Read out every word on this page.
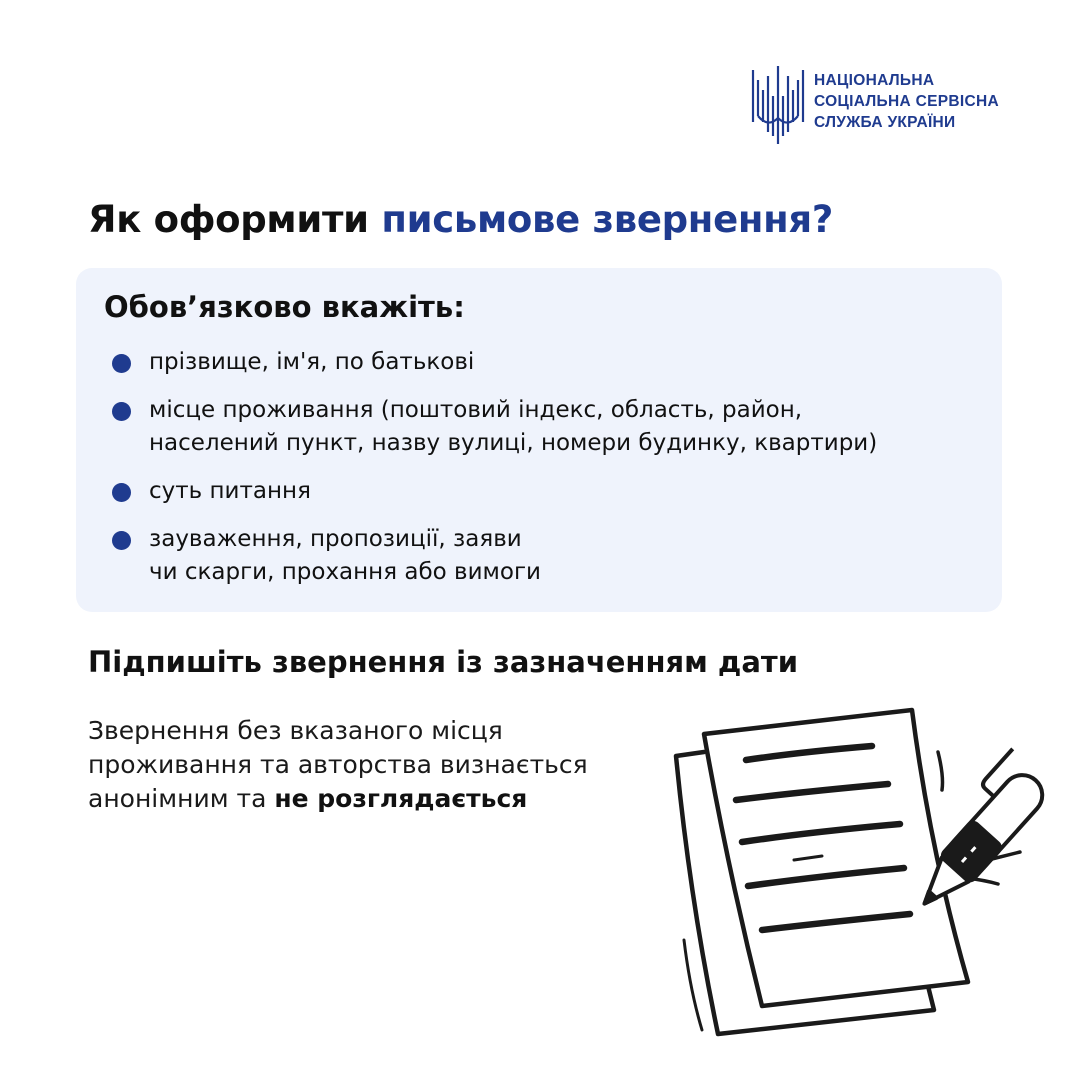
НАЦІОНАЛЬНА
СОЦІАЛЬНА СЕРВІСНА
СЛУЖБА УКРАЇНИ
Як оформити письмове звернення?
Обов’язково вкажіть:
прізвище, ім'я, по батькові
місце проживання (поштовий індекс, область, район,
населений пункт, назву вулиці, номери будинку, квартири)
суть питання
зауваження, пропозиції, заяви
чи скарги, прохання або вимоги
Підпишіть звернення із зазначенням дати
Звернення без вказаного місця
проживання та авторства визнається
анонімним та не розглядається
